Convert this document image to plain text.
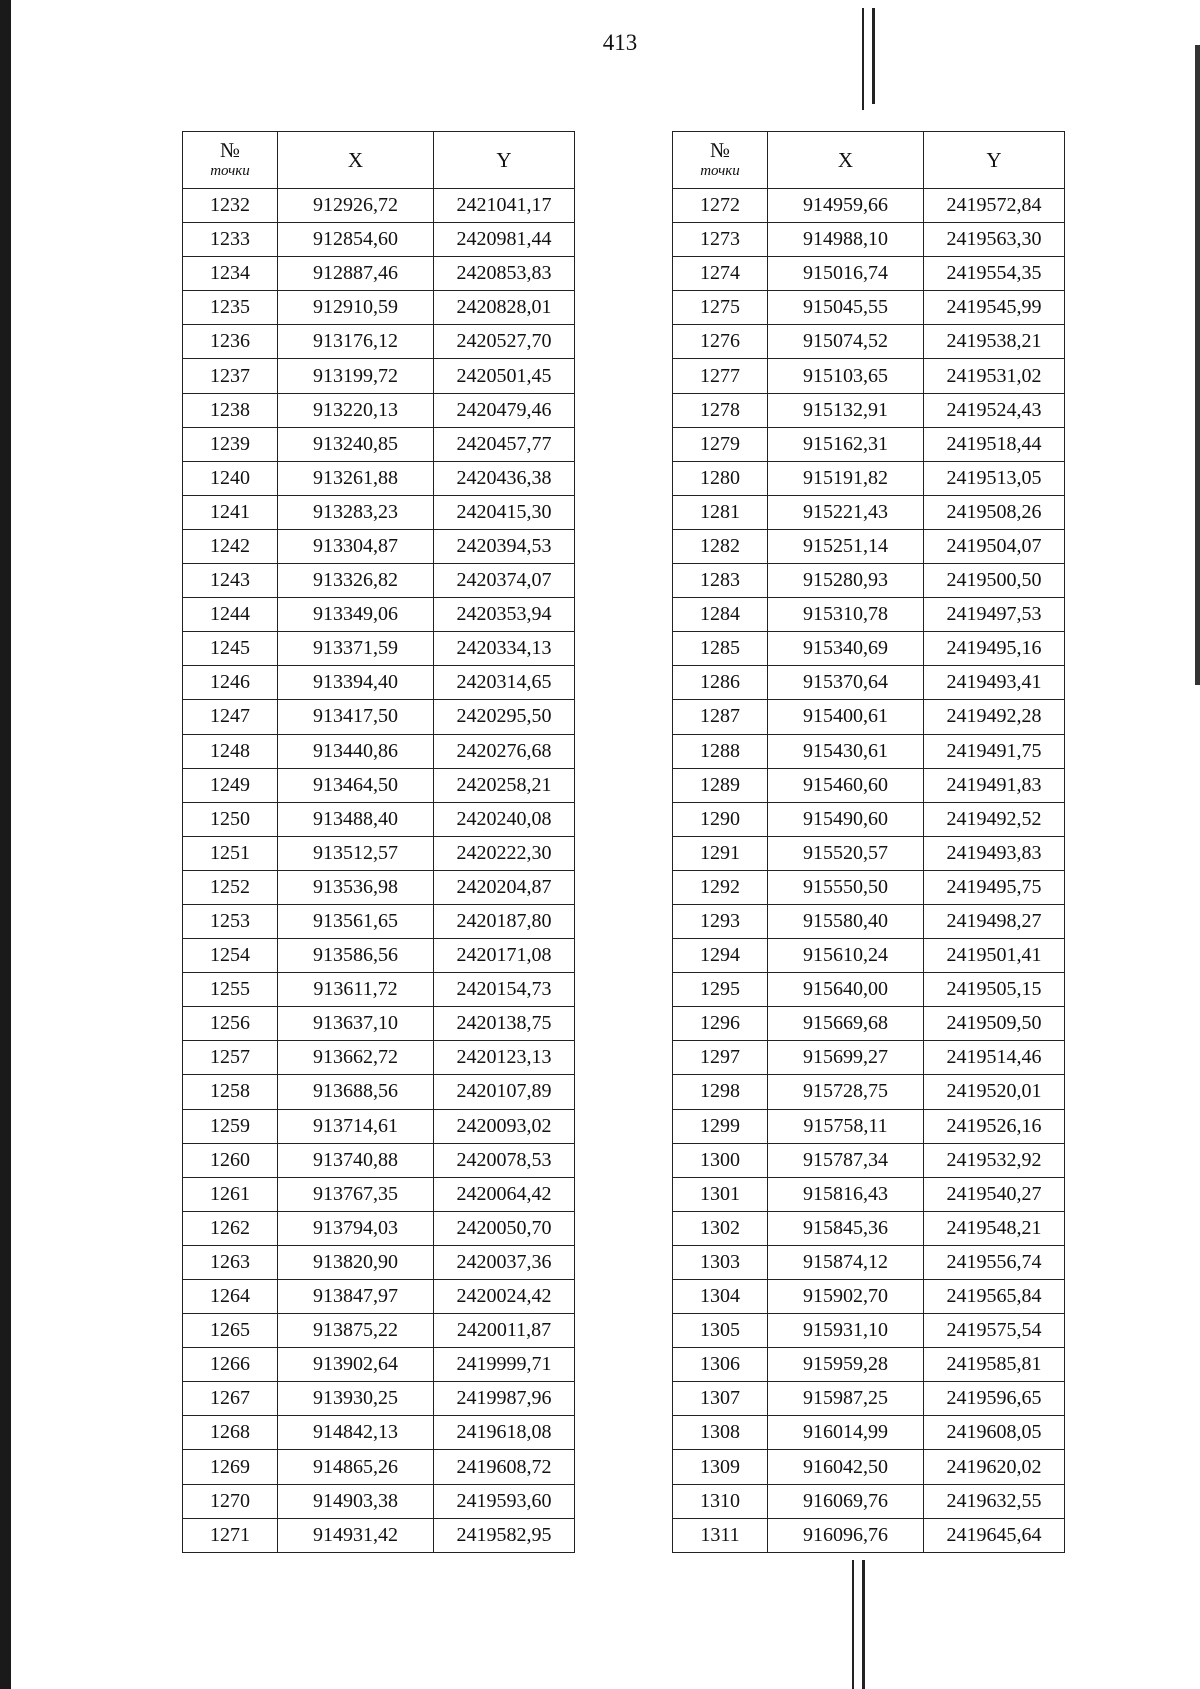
413
№
точки	X	Y
1232	912926,72	2421041,17
1233	912854,60	2420981,44
1234	912887,46	2420853,83
1235	912910,59	2420828,01
1236	913176,12	2420527,70
1237	913199,72	2420501,45
1238	913220,13	2420479,46
1239	913240,85	2420457,77
1240	913261,88	2420436,38
1241	913283,23	2420415,30
1242	913304,87	2420394,53
1243	913326,82	2420374,07
1244	913349,06	2420353,94
1245	913371,59	2420334,13
1246	913394,40	2420314,65
1247	913417,50	2420295,50
1248	913440,86	2420276,68
1249	913464,50	2420258,21
1250	913488,40	2420240,08
1251	913512,57	2420222,30
1252	913536,98	2420204,87
1253	913561,65	2420187,80
1254	913586,56	2420171,08
1255	913611,72	2420154,73
1256	913637,10	2420138,75
1257	913662,72	2420123,13
1258	913688,56	2420107,89
1259	913714,61	2420093,02
1260	913740,88	2420078,53
1261	913767,35	2420064,42
1262	913794,03	2420050,70
1263	913820,90	2420037,36
1264	913847,97	2420024,42
1265	913875,22	2420011,87
1266	913902,64	2419999,71
1267	913930,25	2419987,96
1268	914842,13	2419618,08
1269	914865,26	2419608,72
1270	914903,38	2419593,60
1271	914931,42	2419582,95
№
точки	X	Y
1272	914959,66	2419572,84
1273	914988,10	2419563,30
1274	915016,74	2419554,35
1275	915045,55	2419545,99
1276	915074,52	2419538,21
1277	915103,65	2419531,02
1278	915132,91	2419524,43
1279	915162,31	2419518,44
1280	915191,82	2419513,05
1281	915221,43	2419508,26
1282	915251,14	2419504,07
1283	915280,93	2419500,50
1284	915310,78	2419497,53
1285	915340,69	2419495,16
1286	915370,64	2419493,41
1287	915400,61	2419492,28
1288	915430,61	2419491,75
1289	915460,60	2419491,83
1290	915490,60	2419492,52
1291	915520,57	2419493,83
1292	915550,50	2419495,75
1293	915580,40	2419498,27
1294	915610,24	2419501,41
1295	915640,00	2419505,15
1296	915669,68	2419509,50
1297	915699,27	2419514,46
1298	915728,75	2419520,01
1299	915758,11	2419526,16
1300	915787,34	2419532,92
1301	915816,43	2419540,27
1302	915845,36	2419548,21
1303	915874,12	2419556,74
1304	915902,70	2419565,84
1305	915931,10	2419575,54
1306	915959,28	2419585,81
1307	915987,25	2419596,65
1308	916014,99	2419608,05
1309	916042,50	2419620,02
1310	916069,76	2419632,55
1311	916096,76	2419645,64
